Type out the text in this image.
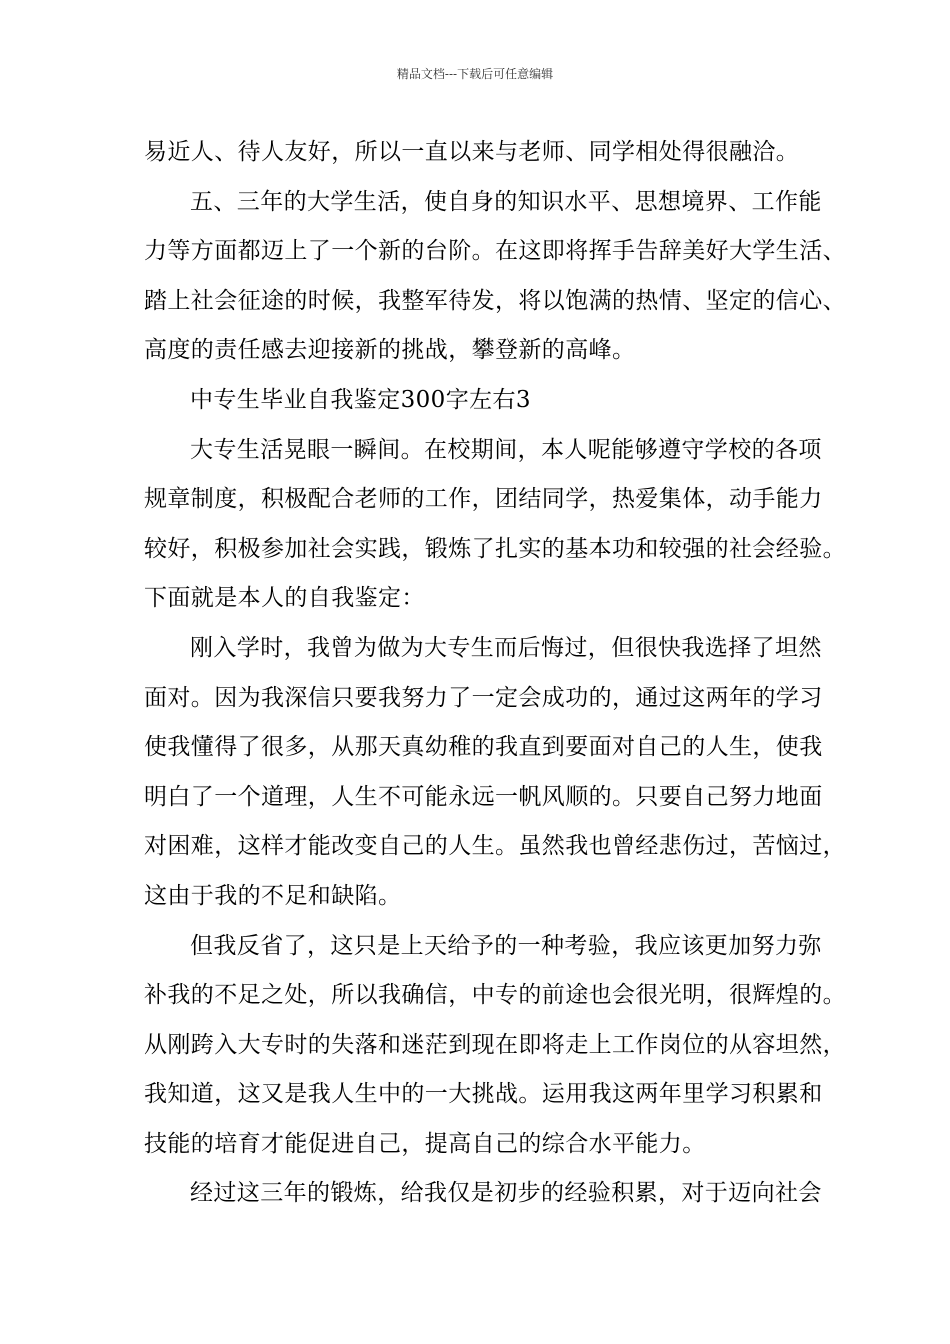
精品文档---下载后可任意编辑
易近人、待人友好，所以一直以来与老师、同学相处得很融洽。
五、三年的大学生活，使自身的知识水平、思想境界、工作能
力等方面都迈上了一个新的台阶。在这即将挥手告辞美好大学生活、
踏上社会征途的时候，我整军待发，将以饱满的热情、坚定的信心、
高度的责任感去迎接新的挑战，攀登新的高峰。
中专生毕业自我鉴定300字左右3
大专生活晃眼一瞬间。在校期间，本人呢能够遵守学校的各项
规章制度，积极配合老师的工作，团结同学，热爱集体，动手能力
较好，积极参加社会实践，锻炼了扎实的基本功和较强的社会经验。
下面就是本人的自我鉴定：
刚入学时，我曾为做为大专生而后悔过，但很快我选择了坦然
面对。因为我深信只要我努力了一定会成功的，通过这两年的学习
使我懂得了很多，从那天真幼稚的我直到要面对自己的人生，使我
明白了一个道理，人生不可能永远一帆风顺的。只要自己努力地面
对困难，这样才能改变自己的人生。虽然我也曾经悲伤过，苦恼过，
这由于我的不足和缺陷。
但我反省了，这只是上天给予的一种考验，我应该更加努力弥
补我的不足之处，所以我确信，中专的前途也会很光明，很辉煌的。
从刚跨入大专时的失落和迷茫到现在即将走上工作岗位的从容坦然，
我知道，这又是我人生中的一大挑战。运用我这两年里学习积累和
技能的培育才能促进自己，提高自己的综合水平能力。
经过这三年的锻炼，给我仅是初步的经验积累，对于迈向社会
